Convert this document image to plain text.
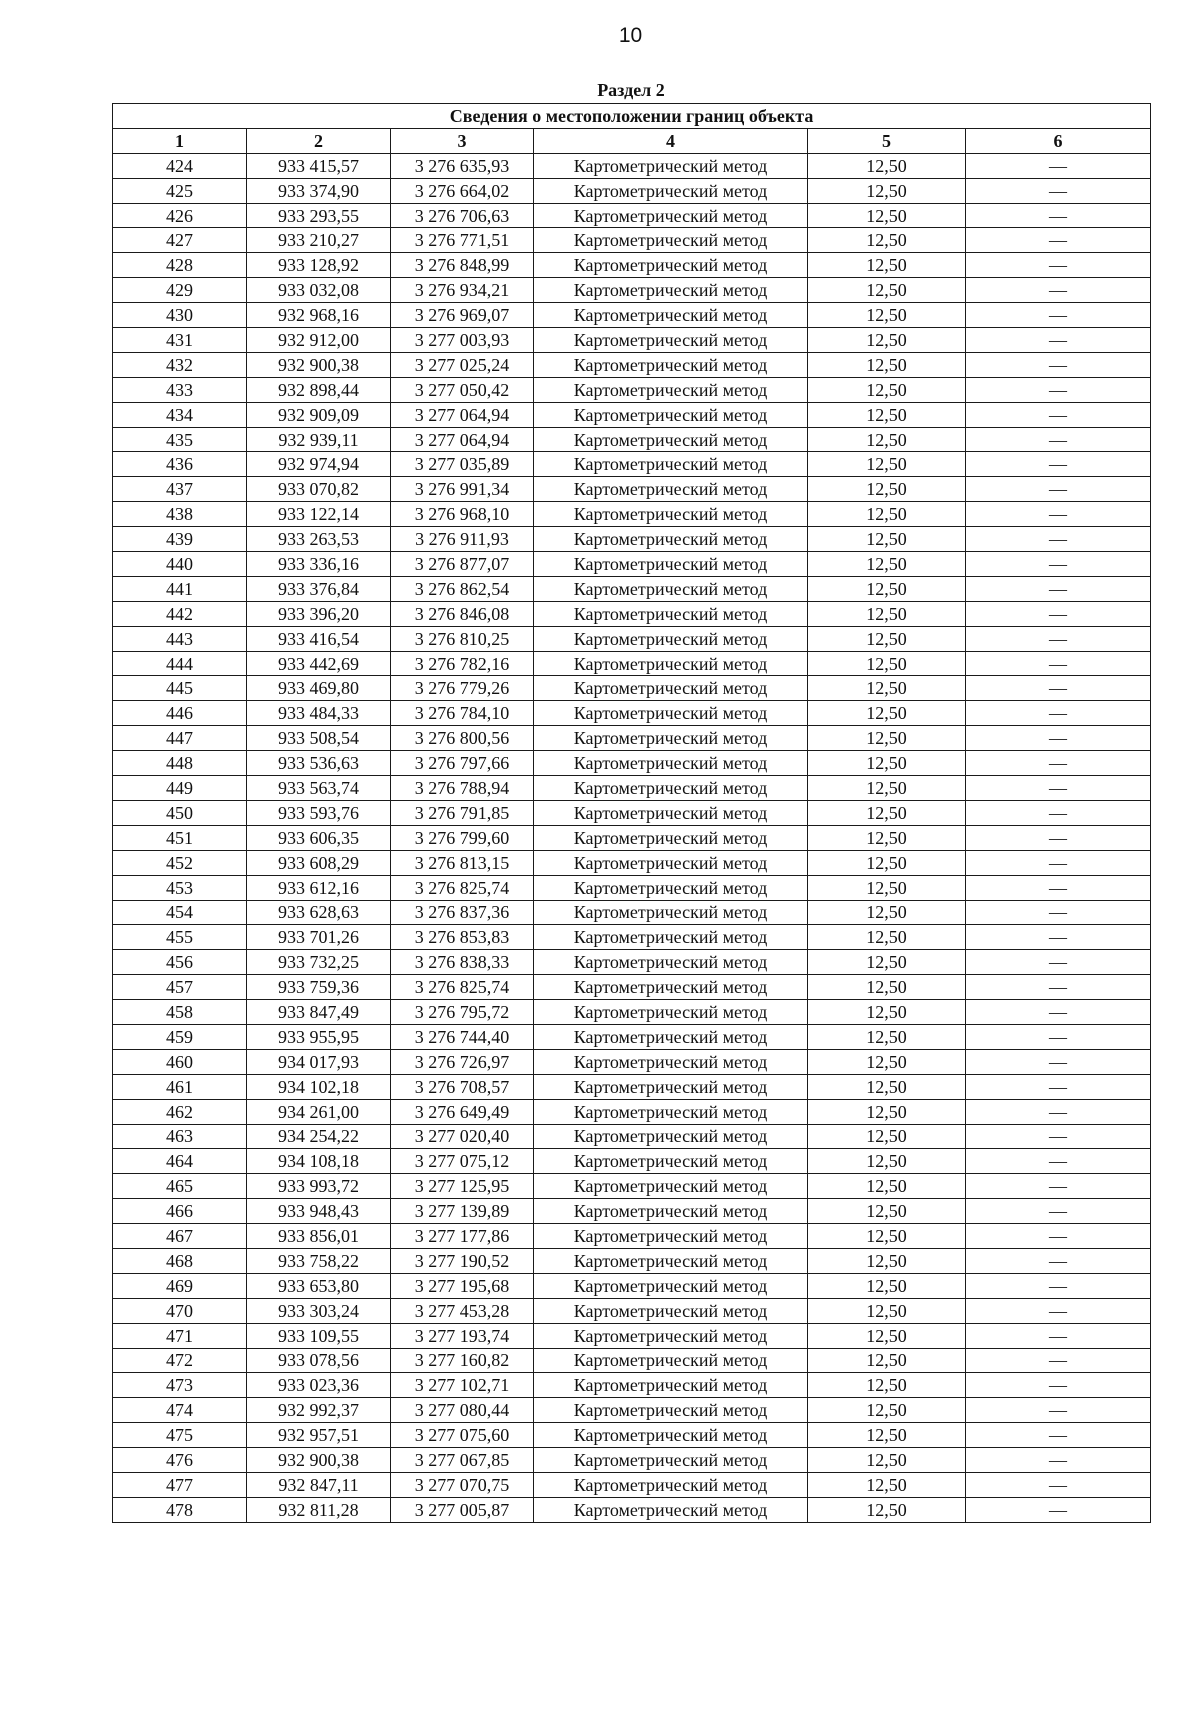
10
Раздел 2
Сведения о местоположении границ объекта					
1	2	3	4	5	6
424	933 415,57	3 276 635,93	Картометрический метод	12,50	—
425	933 374,90	3 276 664,02	Картометрический метод	12,50	—
426	933 293,55	3 276 706,63	Картометрический метод	12,50	—
427	933 210,27	3 276 771,51	Картометрический метод	12,50	—
428	933 128,92	3 276 848,99	Картометрический метод	12,50	—
429	933 032,08	3 276 934,21	Картометрический метод	12,50	—
430	932 968,16	3 276 969,07	Картометрический метод	12,50	—
431	932 912,00	3 277 003,93	Картометрический метод	12,50	—
432	932 900,38	3 277 025,24	Картометрический метод	12,50	—
433	932 898,44	3 277 050,42	Картометрический метод	12,50	—
434	932 909,09	3 277 064,94	Картометрический метод	12,50	—
435	932 939,11	3 277 064,94	Картометрический метод	12,50	—
436	932 974,94	3 277 035,89	Картометрический метод	12,50	—
437	933 070,82	3 276 991,34	Картометрический метод	12,50	—
438	933 122,14	3 276 968,10	Картометрический метод	12,50	—
439	933 263,53	3 276 911,93	Картометрический метод	12,50	—
440	933 336,16	3 276 877,07	Картометрический метод	12,50	—
441	933 376,84	3 276 862,54	Картометрический метод	12,50	—
442	933 396,20	3 276 846,08	Картометрический метод	12,50	—
443	933 416,54	3 276 810,25	Картометрический метод	12,50	—
444	933 442,69	3 276 782,16	Картометрический метод	12,50	—
445	933 469,80	3 276 779,26	Картометрический метод	12,50	—
446	933 484,33	3 276 784,10	Картометрический метод	12,50	—
447	933 508,54	3 276 800,56	Картометрический метод	12,50	—
448	933 536,63	3 276 797,66	Картометрический метод	12,50	—
449	933 563,74	3 276 788,94	Картометрический метод	12,50	—
450	933 593,76	3 276 791,85	Картометрический метод	12,50	—
451	933 606,35	3 276 799,60	Картометрический метод	12,50	—
452	933 608,29	3 276 813,15	Картометрический метод	12,50	—
453	933 612,16	3 276 825,74	Картометрический метод	12,50	—
454	933 628,63	3 276 837,36	Картометрический метод	12,50	—
455	933 701,26	3 276 853,83	Картометрический метод	12,50	—
456	933 732,25	3 276 838,33	Картометрический метод	12,50	—
457	933 759,36	3 276 825,74	Картометрический метод	12,50	—
458	933 847,49	3 276 795,72	Картометрический метод	12,50	—
459	933 955,95	3 276 744,40	Картометрический метод	12,50	—
460	934 017,93	3 276 726,97	Картометрический метод	12,50	—
461	934 102,18	3 276 708,57	Картометрический метод	12,50	—
462	934 261,00	3 276 649,49	Картометрический метод	12,50	—
463	934 254,22	3 277 020,40	Картометрический метод	12,50	—
464	934 108,18	3 277 075,12	Картометрический метод	12,50	—
465	933 993,72	3 277 125,95	Картометрический метод	12,50	—
466	933 948,43	3 277 139,89	Картометрический метод	12,50	—
467	933 856,01	3 277 177,86	Картометрический метод	12,50	—
468	933 758,22	3 277 190,52	Картометрический метод	12,50	—
469	933 653,80	3 277 195,68	Картометрический метод	12,50	—
470	933 303,24	3 277 453,28	Картометрический метод	12,50	—
471	933 109,55	3 277 193,74	Картометрический метод	12,50	—
472	933 078,56	3 277 160,82	Картометрический метод	12,50	—
473	933 023,36	3 277 102,71	Картометрический метод	12,50	—
474	932 992,37	3 277 080,44	Картометрический метод	12,50	—
475	932 957,51	3 277 075,60	Картометрический метод	12,50	—
476	932 900,38	3 277 067,85	Картометрический метод	12,50	—
477	932 847,11	3 277 070,75	Картометрический метод	12,50	—
478	932 811,28	3 277 005,87	Картометрический метод	12,50	—
